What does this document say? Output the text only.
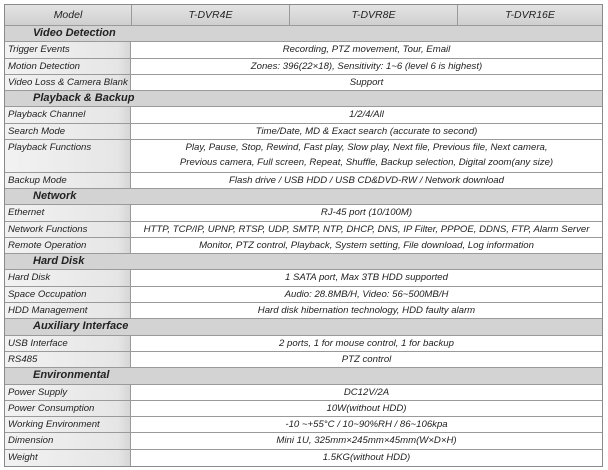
Model	T-DVR4E	T-DVR8E	T-DVR16E
Video Detection
Trigger Events	Recording, PTZ movement, Tour, Email
Motion Detection	Zones: 396(22×18), Sensitivity: 1~6 (level 6 is highest)
Video Loss & Camera Blank	Support
Playback & Backup
Playback Channel	1/2/4/All
Search Mode	Time/Date, MD & Exact search (accurate to second)
Playback Functions	Play, Pause, Stop, Rewind, Fast play, Slow play, Next file, Previous file, Next camera,
Previous camera, Full screen, Repeat, Shuffle, Backup selection, Digital zoom(any size)
Backup Mode	Flash drive / USB HDD / USB CD&DVD-RW / Network download
Network
Ethernet	RJ-45 port (10/100M)
Network Functions	HTTP, TCP/IP, UPNP, RTSP, UDP, SMTP, NTP, DHCP, DNS, IP Filter, PPPOE, DDNS, FTP, Alarm Server
Remote Operation	Monitor, PTZ control, Playback, System setting, File download, Log information
Hard Disk
Hard Disk	1 SATA port, Max 3TB HDD supported
Space Occupation	Audio: 28.8MB/H, Video: 56~500MB/H
HDD Management	Hard disk hibernation technology, HDD faulty alarm
Auxiliary Interface
USB Interface	2 ports, 1 for mouse control, 1 for backup
RS485	PTZ control
Environmental
Power Supply	DC12V/2A
Power Consumption	10W(without HDD)
Working Environment	-10 ~+55°C / 10~90%RH / 86~106kpa
Dimension	Mini 1U, 325mm×245mm×45mm(W×D×H)
Weight	1.5KG(without HDD)
